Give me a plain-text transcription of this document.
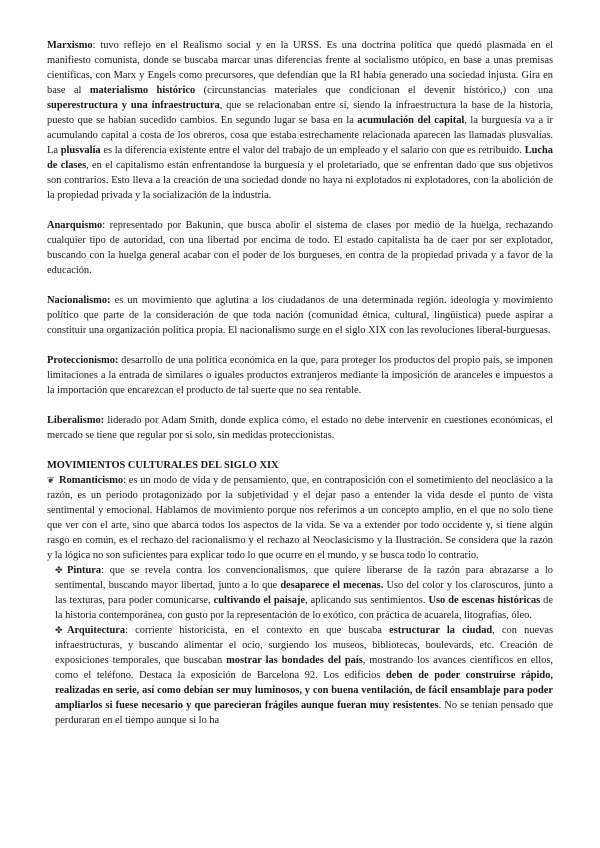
Marxismo: tuvo reflejo en el Realismo social y en la URSS. Es una doctrina política que quedó plasmada en el manifiesto comunista, donde se buscaba marcar unas diferencias frente al socialismo utópico, en base a unas premisas científicas, con Marx y Engels como precursores, que defendían que la RI había generado una sociedad injusta. Gira en base al materialismo histórico (circunstancias materiales que condicionan el devenir histórico,) con una superestructura y una infraestructura, que se relacionaban entre sí, siendo la infraestructura la base de la historia, puesto que se habían sucedido cambios. En segundo lugar se basa en la acumulación del capital, la burguesía va a ir acumulando capital a costa de los obreros, cosa que estaba estrechamente relacionada aparecen las llamadas plusvalías. La plusvalía es la diferencia existente entre el valor del trabajo de un empleado y el salario con que es retribuido. Lucha de clases, en el capitalismo están enfrentandose la burguesía y el proletariado, que se enfrentan dado que sus objetivos son contrarios. Esto lleva a la creación de una sociedad donde no haya ni explotados ni explotadores, con la abolición de la propiedad privada y la socialización de la industria.

Anarquismo: representado por Bakunin, que busca abolir el sistema de clases por medio de la huelga, rechazando cualquier tipo de autoridad, con una libertad por encima de todo. El estado capitalista ha de caer por ser explotador, buscando con la huelga general acabar con el poder de los burgueses, en contra de la propiedad privada y a favor de la educación.

Nacionalismo: es un movimiento que aglutina a los ciudadanos de una determinada región. ideología y movimiento político que parte de la consideración de que toda nación (comunidad étnica, cultural, lingüística) puede aspirar a constituir una organización política propia. El nacionalismo surge en el siglo XIX con las revoluciones liberal-burguesas.

Proteccionismo: desarrollo de una política económica en la que, para proteger los productos del propio país, se imponen limitaciones a la entrada de similares o iguales productos extranjeros mediante la imposición de aranceles e impuestos a la importación que encarezcan el producto de tal suerte que no sea rentable.

Liberalismo: liderado por Adam Smith, donde explica cómo, el estado no debe intervenir en cuestiones económicas, el mercado se tiene que regular por si solo, sin medidas proteccionistas.

MOVIMIENTOS CULTURALES DEL SIGLO XIX

❦ Romanticismo: es un modo de vida y de pensamiento, que, en contraposición con el sometimiento del neoclásico a la razón, es un periodo protagonizado por la subjetividad y el dejar paso a entender la vida desde el punto de vista sentimental y emocional. Hablamos de movimiento porque nos referimos a un concepto amplio, en el que no solo tiene que ver con el arte, sino que abarca todos los aspectos de la vida. Se va a extender por todo occidente y, si tiene algún rasgo en común, es el rechazo del racionalismo y el rechazo al Neoclasicismo y la Ilustración. Se considera que la razón y la lógica no son suficientes para explicar todo lo que ocurre en el mundo, y se busca todo lo contrario.

✤ Pintura: que se revela contra los convencionalismos, que quiere liberarse de la razón para abrazarse a lo sentimental, buscando mayor libertad, junto a lo que desaparece el mecenas. Uso del color y los claroscuros, junto a las texturas, para poder comunicarse, cultivando el paisaje, aplicando sus sentimientos. Uso de escenas históricas de la historia contemporánea, con gusto por la representación de lo exótico, con práctica de acuarela, litografías, óleo.

✤ Arquitectura: corriente historicista, en el contexto en que buscaba estructurar la ciudad, con nuevas infraestructuras, y buscando alimentar el ocio, surgiendo los museos, bibliotecas, boulevards, etc. Creación de exposiciones temporales, que buscaban mostrar las bondades del país, mostrando los avances científicos en ellos, como el teléfono. Destaca la exposición de Barcelona 92. Los edificios deben de poder construirse rápido, realizadas en serie, así como debían ser muy luminosos, y con buena ventilación, de fácil ensamblaje para poder ampliarlos si fuese necesario y que parecieran frágiles aunque fueran muy resistentes. No se tenían pensado que perduraran en el tiempo aunque si lo ha
